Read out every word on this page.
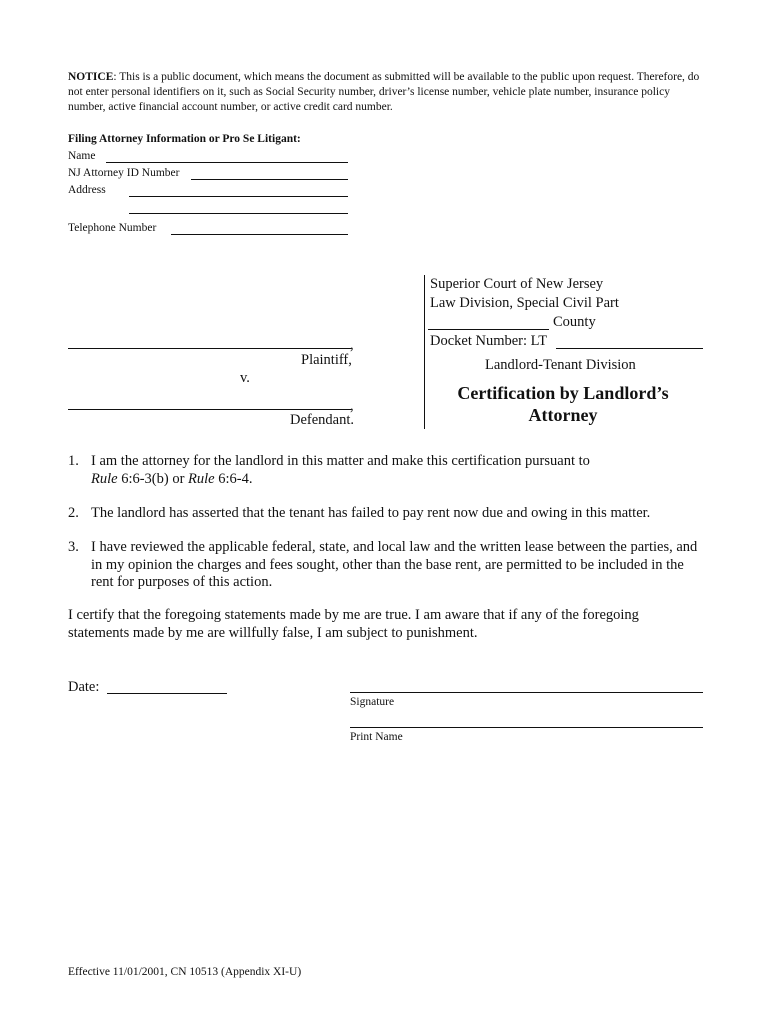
NOTICE: This is a public document, which means the document as submitted will be available to the public upon request. Therefore, do not enter personal identifiers on it, such as Social Security number, driver’s license number, vehicle plate number, insurance policy number, active financial account number, or active credit card number.
Filing Attorney Information or Pro Se Litigant:
Name
NJ Attorney ID Number
Address
Telephone Number
Superior Court of New Jersey
Law Division, Special Civil Part
County
Docket Number: LT
Landlord-Tenant Division
Certification by Landlord’s
Attorney
,
Plaintiff,
v.
,
Defendant.
1. I am the attorney for the landlord in this matter and make this certification pursuant to
Rule 6:6-3(b) or Rule 6:6-4.
2. The landlord has asserted that the tenant has failed to pay rent now due and owing in this matter.
3. I have reviewed the applicable federal, state, and local law and the written lease between the parties, and in my opinion the charges and fees sought, other than the base rent, are permitted to be included in the rent for purposes of this action.
I certify that the foregoing statements made by me are true. I am aware that if any of the foregoing statements made by me are willfully false, I am subject to punishment.
Date:
Signature
Print Name
Effective 11/01/2001, CN 10513 (Appendix XI-U)
